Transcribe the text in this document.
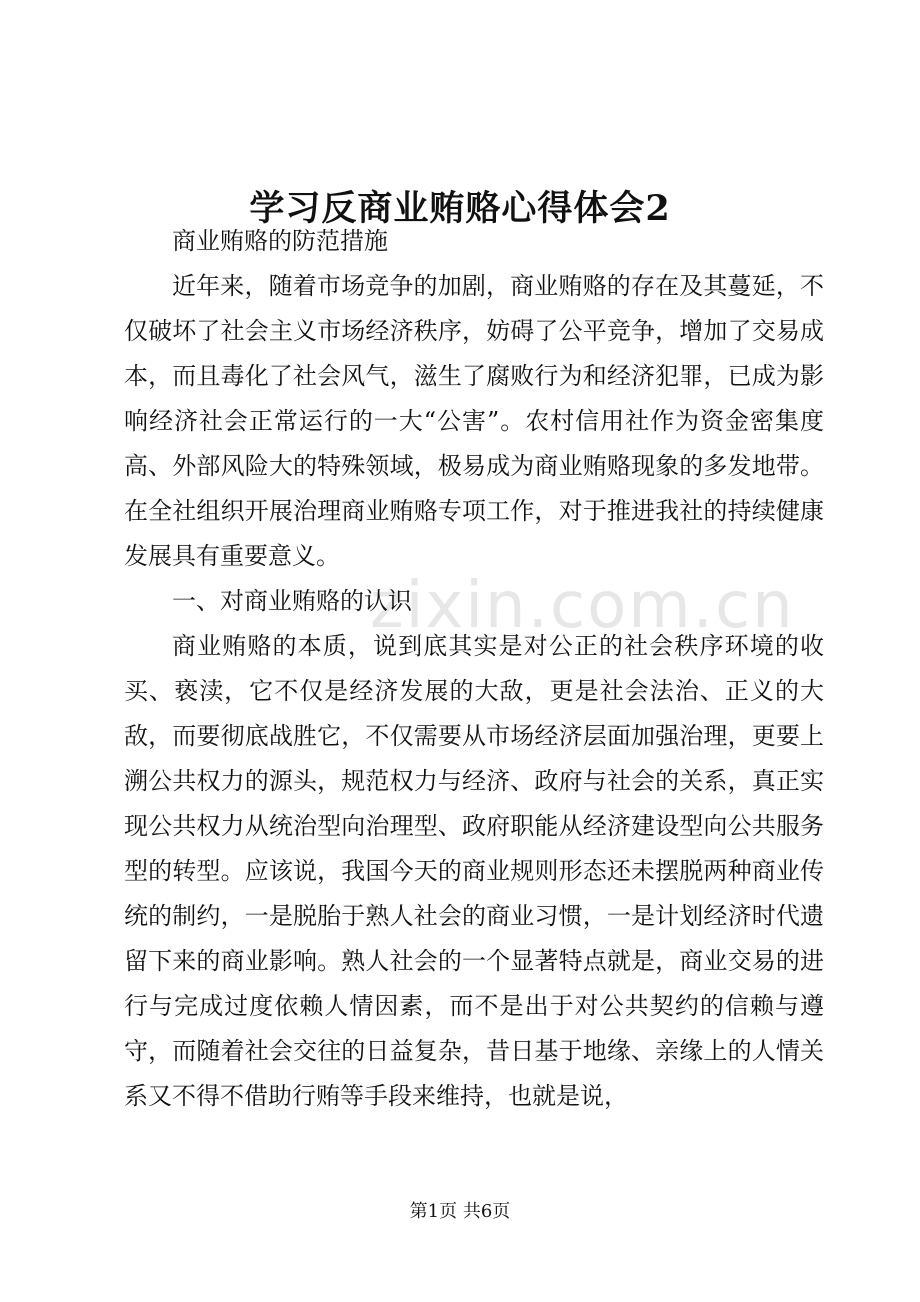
zixin.com.cn
学习反商业贿赂心得体会2

商业贿赂的防范措施

近年来，随着市场竞争的加剧，商业贿赂的存在及其蔓延，不仅破坏了社会主义市场经济秩序，妨碍了公平竞争，增加了交易成本，而且毒化了社会风气，滋生了腐败行为和经济犯罪，已成为影响经济社会正常运行的一大“公害”。农村信用社作为资金密集度高、外部风险大的特殊领域，极易成为商业贿赂现象的多发地带。在全社组织开展治理商业贿赂专项工作，对于推进我社的持续健康发展具有重要意义。

一、对商业贿赂的认识

商业贿赂的本质，说到底其实是对公正的社会秩序环境的收买、亵渎，它不仅是经济发展的大敌，更是社会法治、正义的大敌，而要彻底战胜它，不仅需要从市场经济层面加强治理，更要上溯公共权力的源头，规范权力与经济、政府与社会的关系，真正实现公共权力从统治型向治理型、政府职能从经济建设型向公共服务型的转型。应该说，我国今天的商业规则形态还未摆脱两种商业传统的制约，一是脱胎于熟人社会的商业习惯，一是计划经济时代遗留下来的商业影响。熟人社会的一个显著特点就是，商业交易的进行与完成过度依赖人情因素，而不是出于对公共契约的信赖与遵守，而随着社会交往的日益复杂，昔日基于地缘、亲缘上的人情关系又不得不借助行贿等手段来维持，也就是说，

第1页 共6页
